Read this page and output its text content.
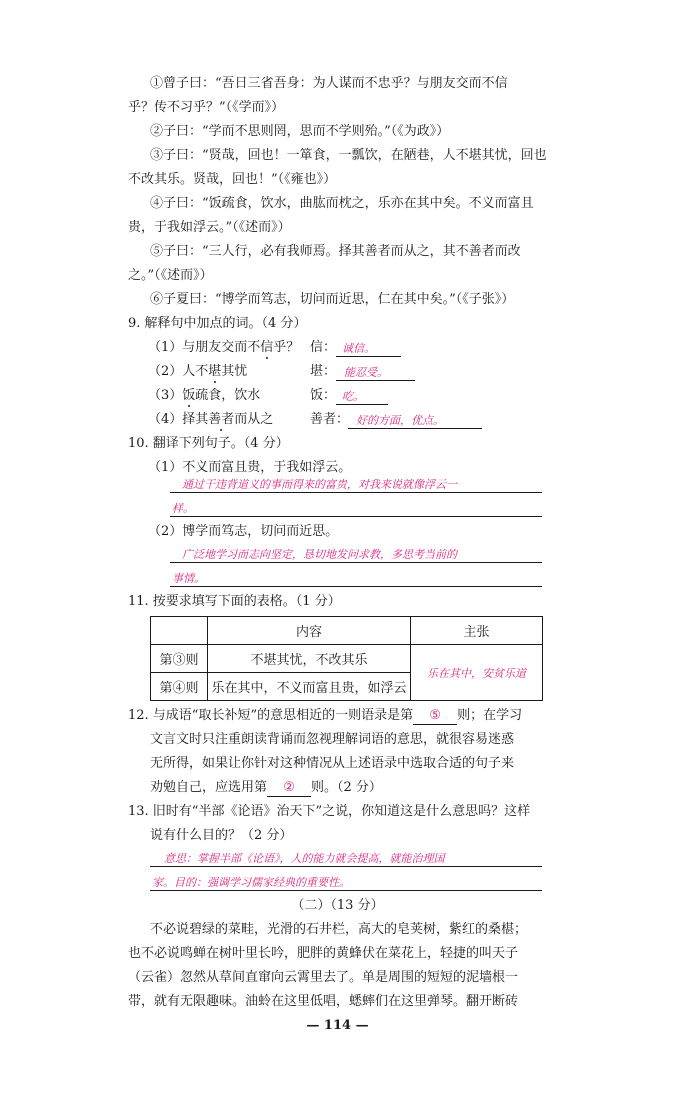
①曾子曰：“吾日三省吾身：为人谋而不忠乎？与朋友交而不信
乎？传不习乎？”（《学而》）
②子曰：“学而不思则罔，思而不学则殆。”（《为政》）
③子曰：“贤哉，回也！一箪食，一瓢饮，在陋巷，人不堪其忧，回也
不改其乐。贤哉，回也！”（《雍也》）
④子曰：“饭疏食，饮水，曲肱而枕之，乐亦在其中矣。不义而富且
贵，于我如浮云。”（《述而》）
⑤子曰：“三人行，必有我师焉。择其善者而从之，其不善者而改
之。”（《述而》）
⑥子夏曰：“博学而笃志，切问而近思，仁在其中矣。”（《子张》）
9. 解释句中加点的词。（4 分）
（1）与朋友交而不信乎？ 信： 诚信。
（2）人不堪其忧	堪： 能忍受。
（3）饭疏食，饮水	饭： 吃。
（4）择其善者而从之	善者： 好的方面，优点。
10. 翻译下列句子。（4 分）
（1）不义而富且贵，于我如浮云。
通过干违背道义的事而得来的富贵，对我来说就像浮云一
样。
（2）博学而笃志，切问而近思。
广泛地学习而志向坚定，恳切地发问求教，多思考当前的
事情。
11. 按要求填写下面的表格。（1 分）
	内容	主张
第③则	不堪其忧，不改其乐	乐在其中，安贫乐道
第④则	乐在其中，不义而富且贵，如浮云	
12. 与成语“取长补短”的意思相近的一则语录是第 ⑤ 则；在学习
文言文时只注重朗读背诵而忽视理解词语的意思，就很容易迷惑
无所得，如果让你针对这种情况从上述语录中选取合适的句子来
劝勉自己，应选用第 ② 则。（2 分）
13. 旧时有“半部《论语》治天下”之说，你知道这是什么意思吗？这样
说有什么目的？（2 分）
意思：掌握半部《论语》，人的能力就会提高，就能治理国
家。目的：强调学习儒家经典的重要性。
（二）（13 分）
不必说碧绿的菜畦，光滑的石井栏，高大的皂荚树，紫红的桑椹；
也不必说鸣蝉在树叶里长吟，肥胖的黄蜂伏在菜花上，轻捷的叫天子
（云雀）忽然从草间直窜向云霄里去了。单是周围的短短的泥墙根一
带，就有无限趣味。油蛉在这里低唱，蟋蟀们在这里弹琴。翻开断砖
— 114 —
